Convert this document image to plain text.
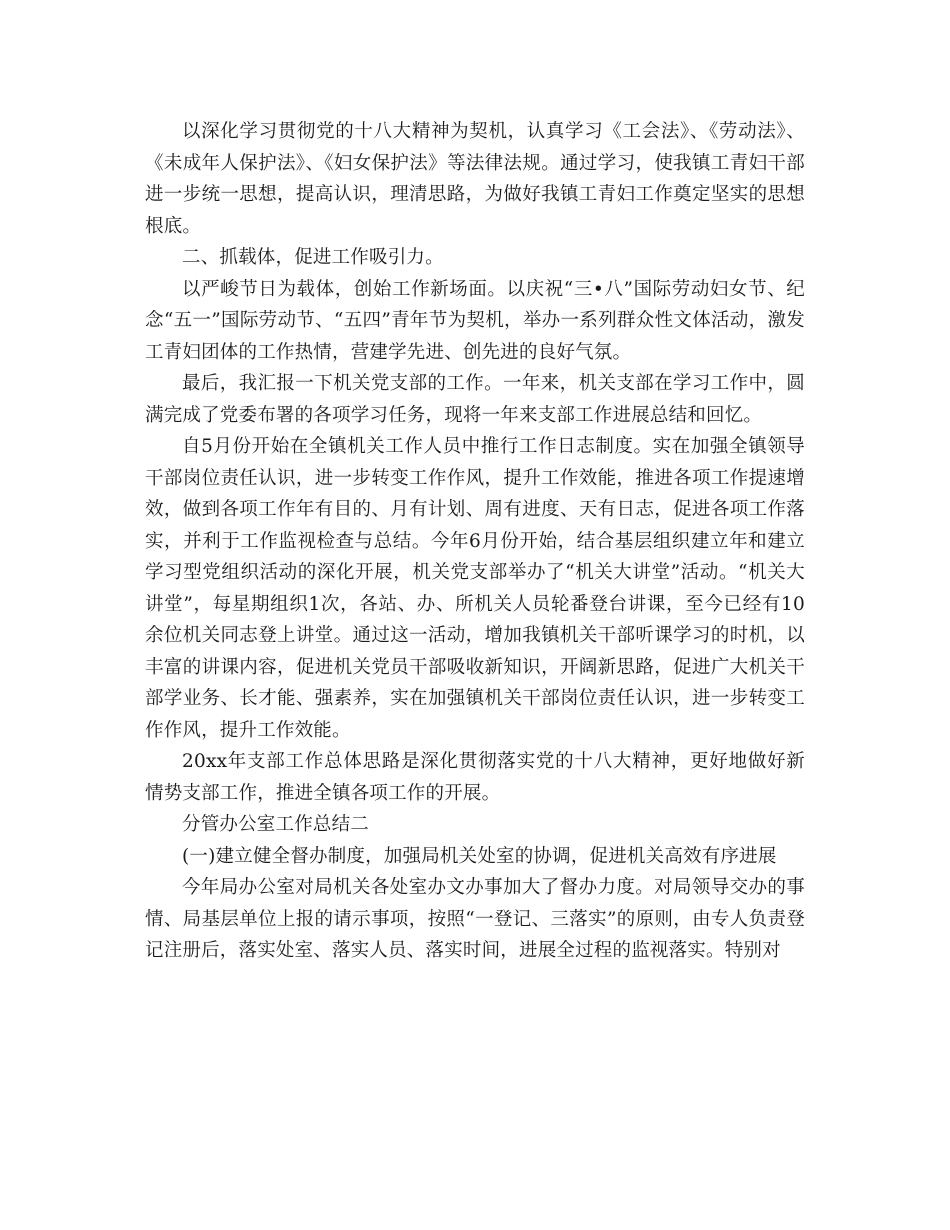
以深化学习贯彻党的十八大精神为契机，认真学习《工会法》、《劳动法》、《未成年人保护法》、《妇女保护法》等法律法规。通过学习，使我镇工青妇干部进一步统一思想，提高认识，理清思路，为做好我镇工青妇工作奠定坚实的思想根底。

二、抓载体，促进工作吸引力。

以严峻节日为载体，创始工作新场面。以庆祝“三•八”国际劳动妇女节、纪念“五一”国际劳动节、“五四”青年节为契机，举办一系列群众性文体活动，激发工青妇团体的工作热情，营建学先进、创先进的良好气氛。

最后，我汇报一下机关党支部的工作。一年来，机关支部在学习工作中，圆满完成了党委布署的各项学习任务，现将一年来支部工作进展总结和回忆。

自5月份开始在全镇机关工作人员中推行工作日志制度。实在加强全镇领导干部岗位责任认识，进一步转变工作作风，提升工作效能，推进各项工作提速增效，做到各项工作年有目的、月有计划、周有进度、天有日志，促进各项工作落实，并利于工作监视检查与总结。今年6月份开始，结合基层组织建立年和建立学习型党组织活动的深化开展，机关党支部举办了“机关大讲堂”活动。“机关大讲堂”，每星期组织1次，各站、办、所机关人员轮番登台讲课，至今已经有10余位机关同志登上讲堂。通过这一活动，增加我镇机关干部听课学习的时机，以丰富的讲课内容，促进机关党员干部吸收新知识，开阔新思路，促进广大机关干部学业务、长才能、强素养，实在加强镇机关干部岗位责任认识，进一步转变工作作风，提升工作效能。

20xx年支部工作总体思路是深化贯彻落实党的十八大精神，更好地做好新情势支部工作，推进全镇各项工作的开展。

分管办公室工作总结二

(一)建立健全督办制度，加强局机关处室的协调，促进机关高效有序进展

今年局办公室对局机关各处室办文办事加大了督办力度。对局领导交办的事情、局基层单位上报的请示事项，按照“一登记、三落实”的原则，由专人负责登记注册后，落实处室、落实人员、落实时间，进展全过程的监视落实。特别对
